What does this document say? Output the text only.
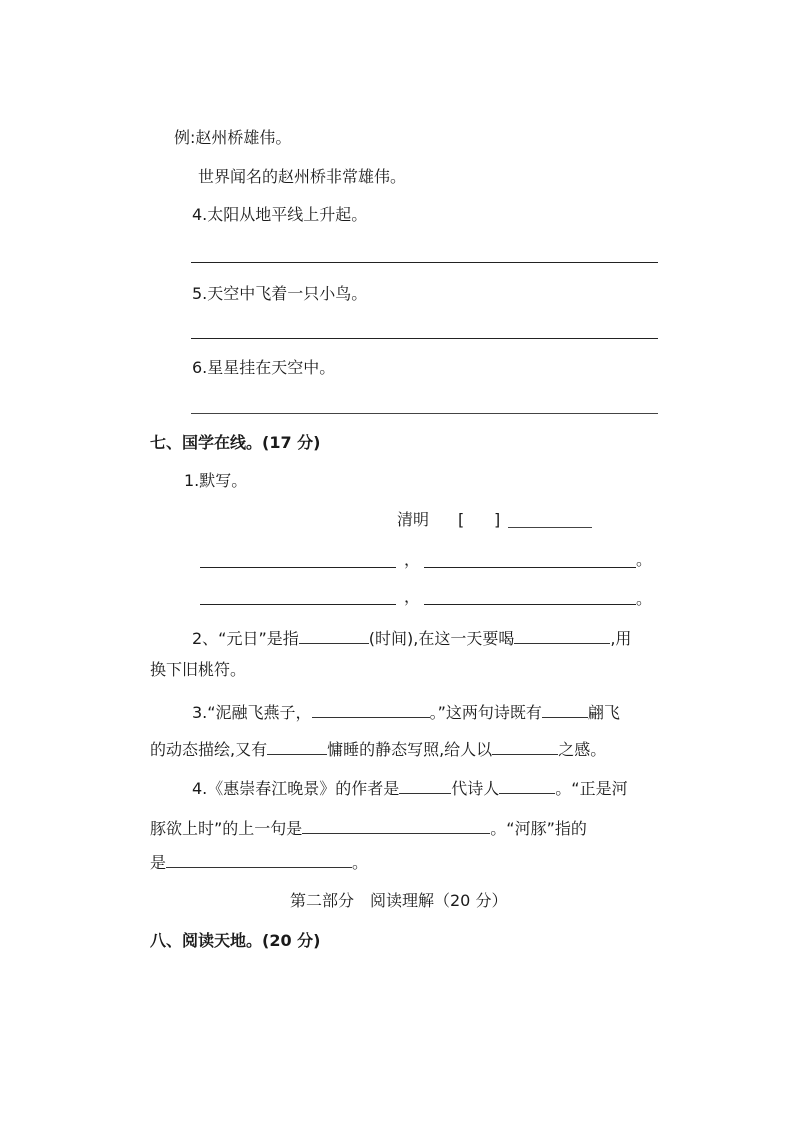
例:赵州桥雄伟。
世界闻名的赵州桥非常雄伟。
4.太阳从地平线上升起。
5.天空中飞着一只小鸟。
6.星星挂在天空中。
七、国学在线。(17 分)
1.默写。
清明 [ ]
，	。
，	。
2、“元日”是指	(时间),在这一天要喝	,用
换下旧桃符。
3.“泥融飞燕子，	。”这两句诗既有	翩飞
的动态描绘,又有	慵睡的静态写照,给人以	之感。
4.《惠崇春江晚景》的作者是	代诗人	。“正是河
豚欲上时”的上一句是	。“河豚”指的
是	。
第二部分　阅读理解（20 分）
八、阅读天地。(20 分)
